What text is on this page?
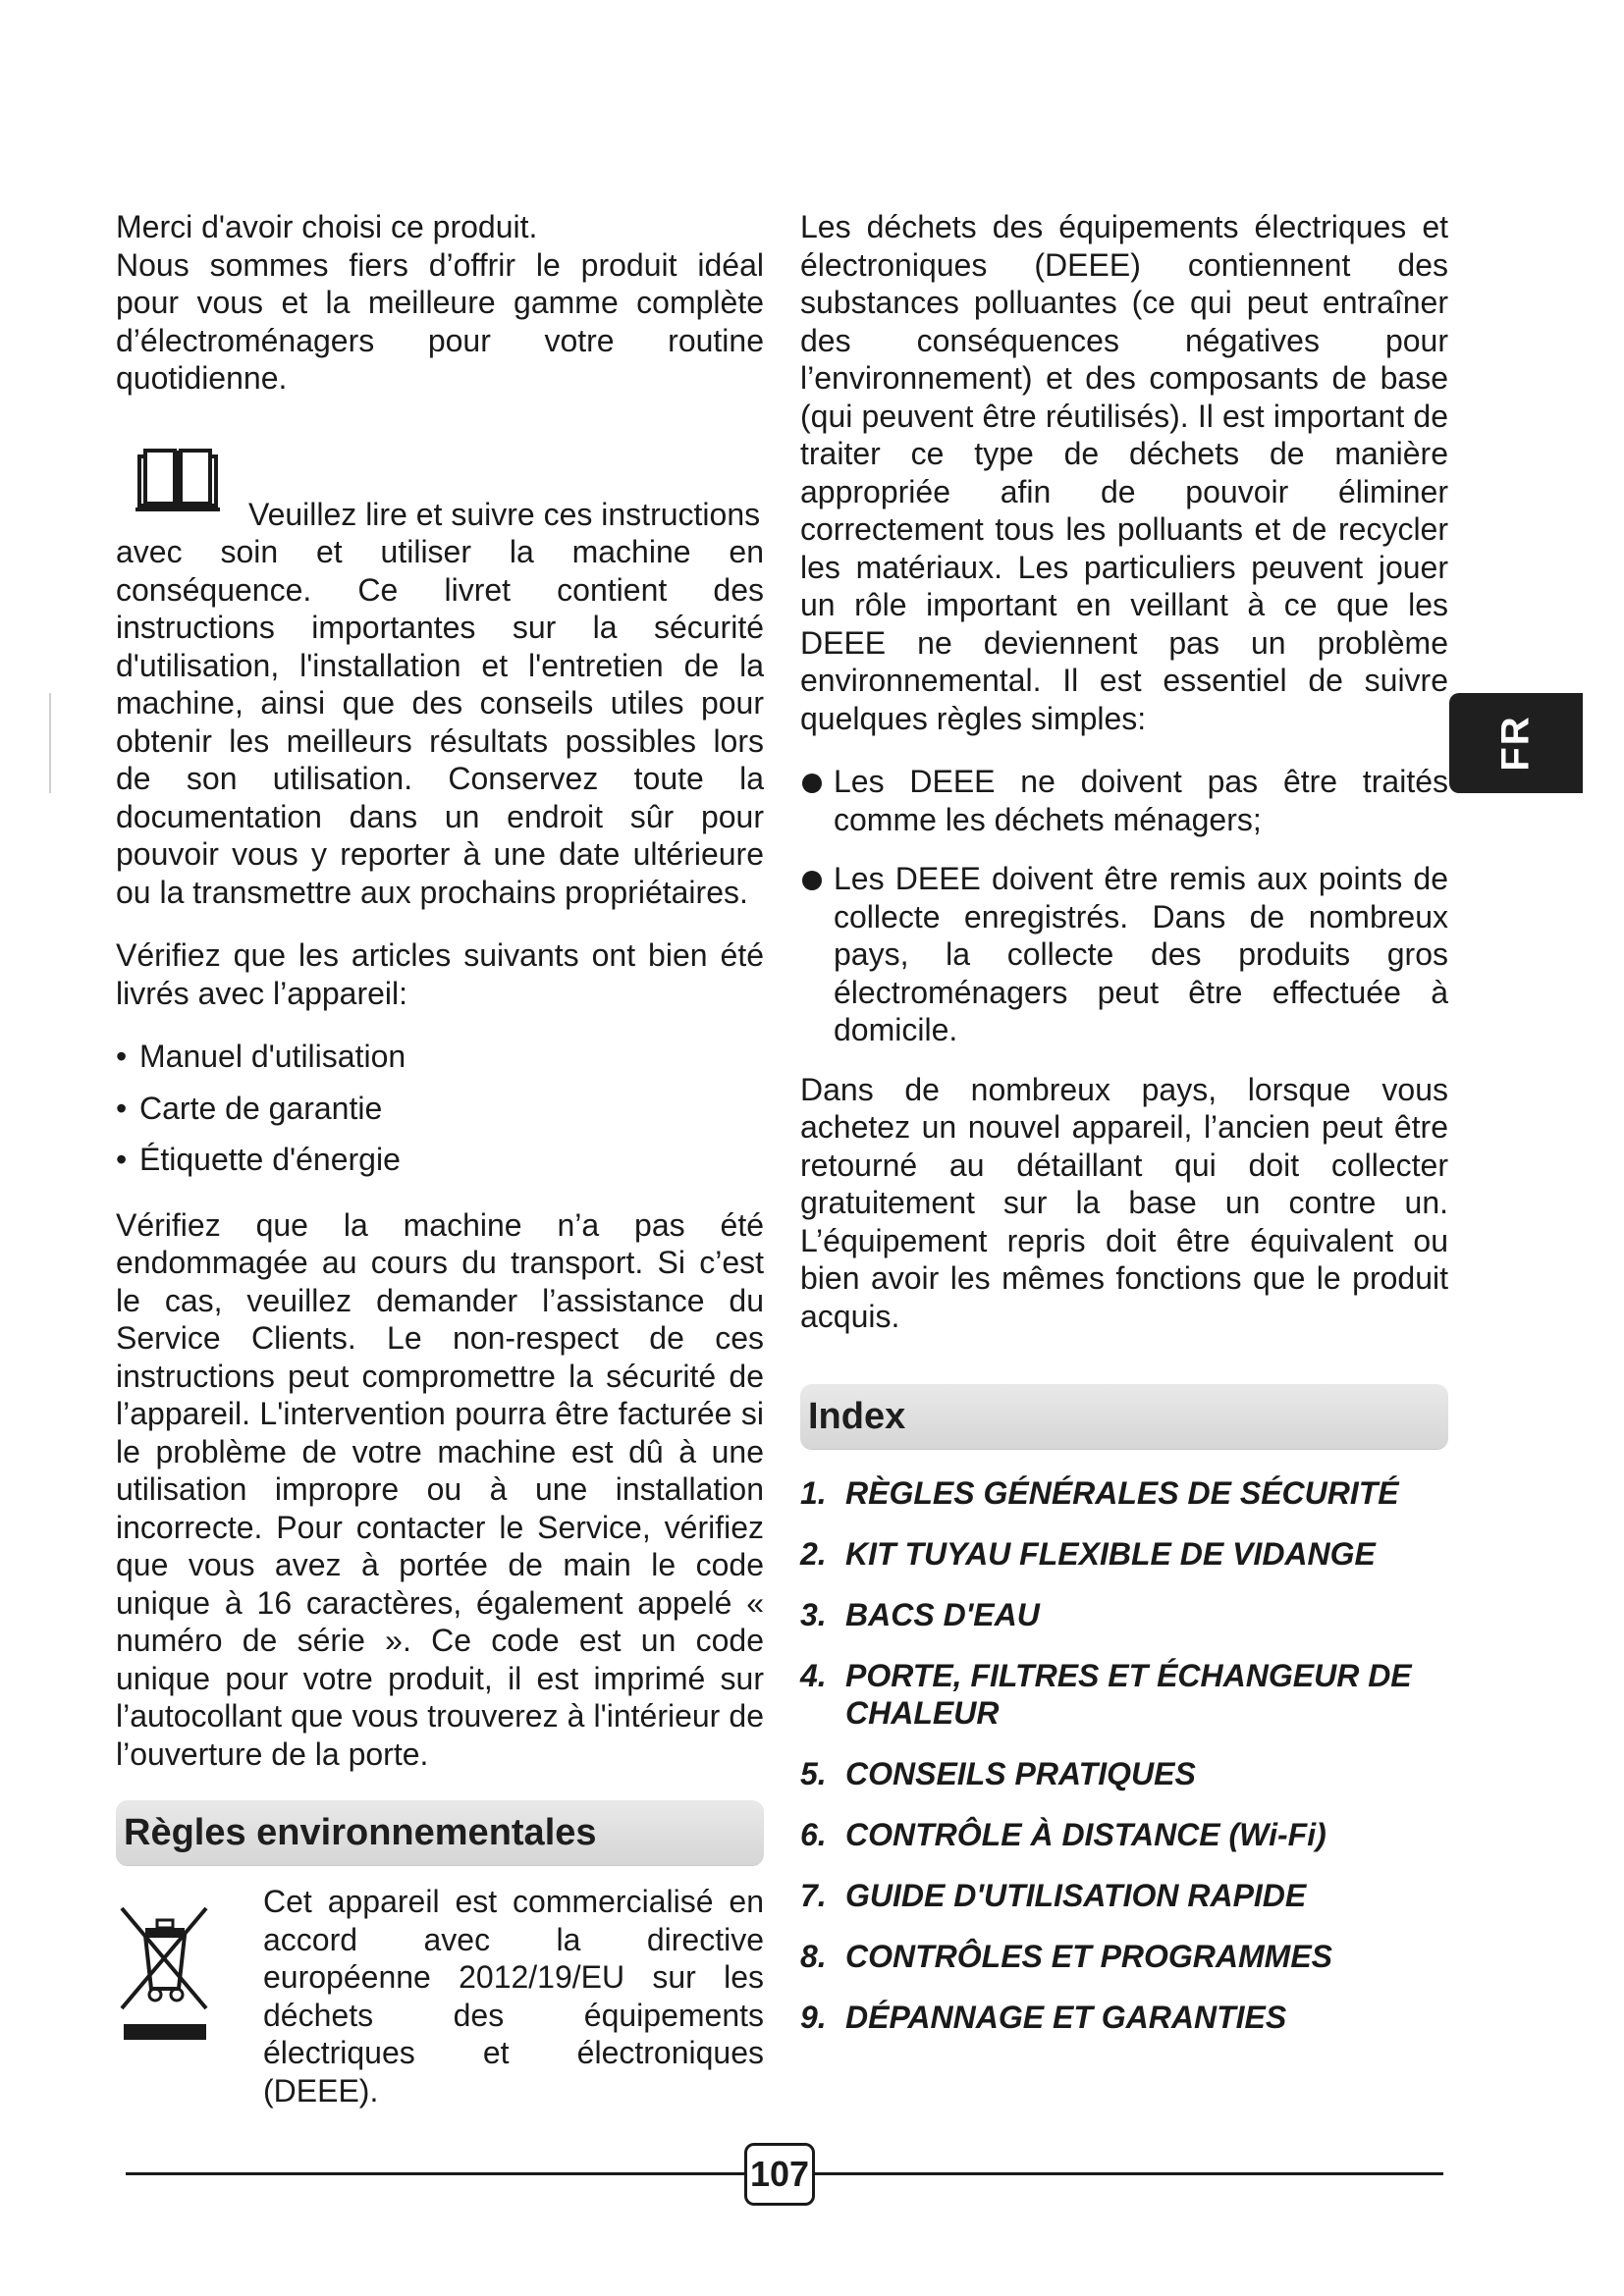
Merci d'avoir choisi ce produit.

Nous sommes fiers d’offrir le produit idéal pour vous et la meilleure gamme complète d’électroménagers pour votre routine quotidienne.

Veuillez lire et suivre ces instructions

avec soin et utiliser la machine en conséquence. Ce livret contient des instructions importantes sur la sécurité d'utilisation, l'installation et l'entretien de la machine, ainsi que des conseils utiles pour obtenir les meilleurs résultats possibles lors de son utilisation. Conservez toute la documentation dans un endroit sûr pour pouvoir vous y reporter à une date ultérieure ou la transmettre aux prochains propriétaires.

Vérifiez que les articles suivants ont bien été livrés avec l’appareil:

• Manuel d'utilisation
• Carte de garantie
• Étiquette d'énergie

Vérifiez que la machine n’a pas été endommagée au cours du transport. Si c’est le cas, veuillez demander l’assistance du Service Clients. Le non-respect de ces instructions peut compromettre la sécurité de l’appareil. L'intervention pourra être facturée si le problème de votre machine est dû à une utilisation impropre ou à une installation incorrecte. Pour contacter le Service, vérifiez que vous avez à portée de main le code unique à 16 caractères, également appelé « numéro de série ». Ce code est un code unique pour votre produit, il est imprimé sur l’autocollant que vous trouverez à l'intérieur de l’ouverture de la porte.

Règles environnementales

Cet appareil est commercialisé en accord avec la directive européenne 2012/19/EU sur les déchets des équipements électriques et électroniques (DEEE).

Les déchets des équipements électriques et électroniques (DEEE) contiennent des substances polluantes (ce qui peut entraîner des conséquences négatives pour l’environnement) et des composants de base (qui peuvent être réutilisés). Il est important de traiter ce type de déchets de manière appropriée afin de pouvoir éliminer correctement tous les polluants et de recycler les matériaux. Les particuliers peuvent jouer un rôle important en veillant à ce que les DEEE ne deviennent pas un problème environnemental. Il est essentiel de suivre quelques règles simples:

Les DEEE ne doivent pas être traités comme les déchets ménagers;
Les DEEE doivent être remis aux points de collecte enregistrés. Dans de nombreux pays, la collecte des produits gros électroménagers peut être effectuée à domicile.

Dans de nombreux pays, lorsque vous achetez un nouvel appareil, l’ancien peut être retourné au détaillant qui doit collecter gratuitement sur la base un contre un. L’équipement repris doit être équivalent ou bien avoir les mêmes fonctions que le produit acquis.

Index
1. RÈGLES GÉNÉRALES DE SÉCURITÉ
2. KIT TUYAU FLEXIBLE DE VIDANGE
3. BACS D'EAU
4. PORTE, FILTRES ET ÉCHANGEUR DE CHALEUR
5. CONSEILS PRATIQUES
6. CONTRÔLE À DISTANCE (Wi-Fi)
7. GUIDE D'UTILISATION RAPIDE
8. CONTRÔLES ET PROGRAMMES
9. DÉPANNAGE ET GARANTIES
FR
107
